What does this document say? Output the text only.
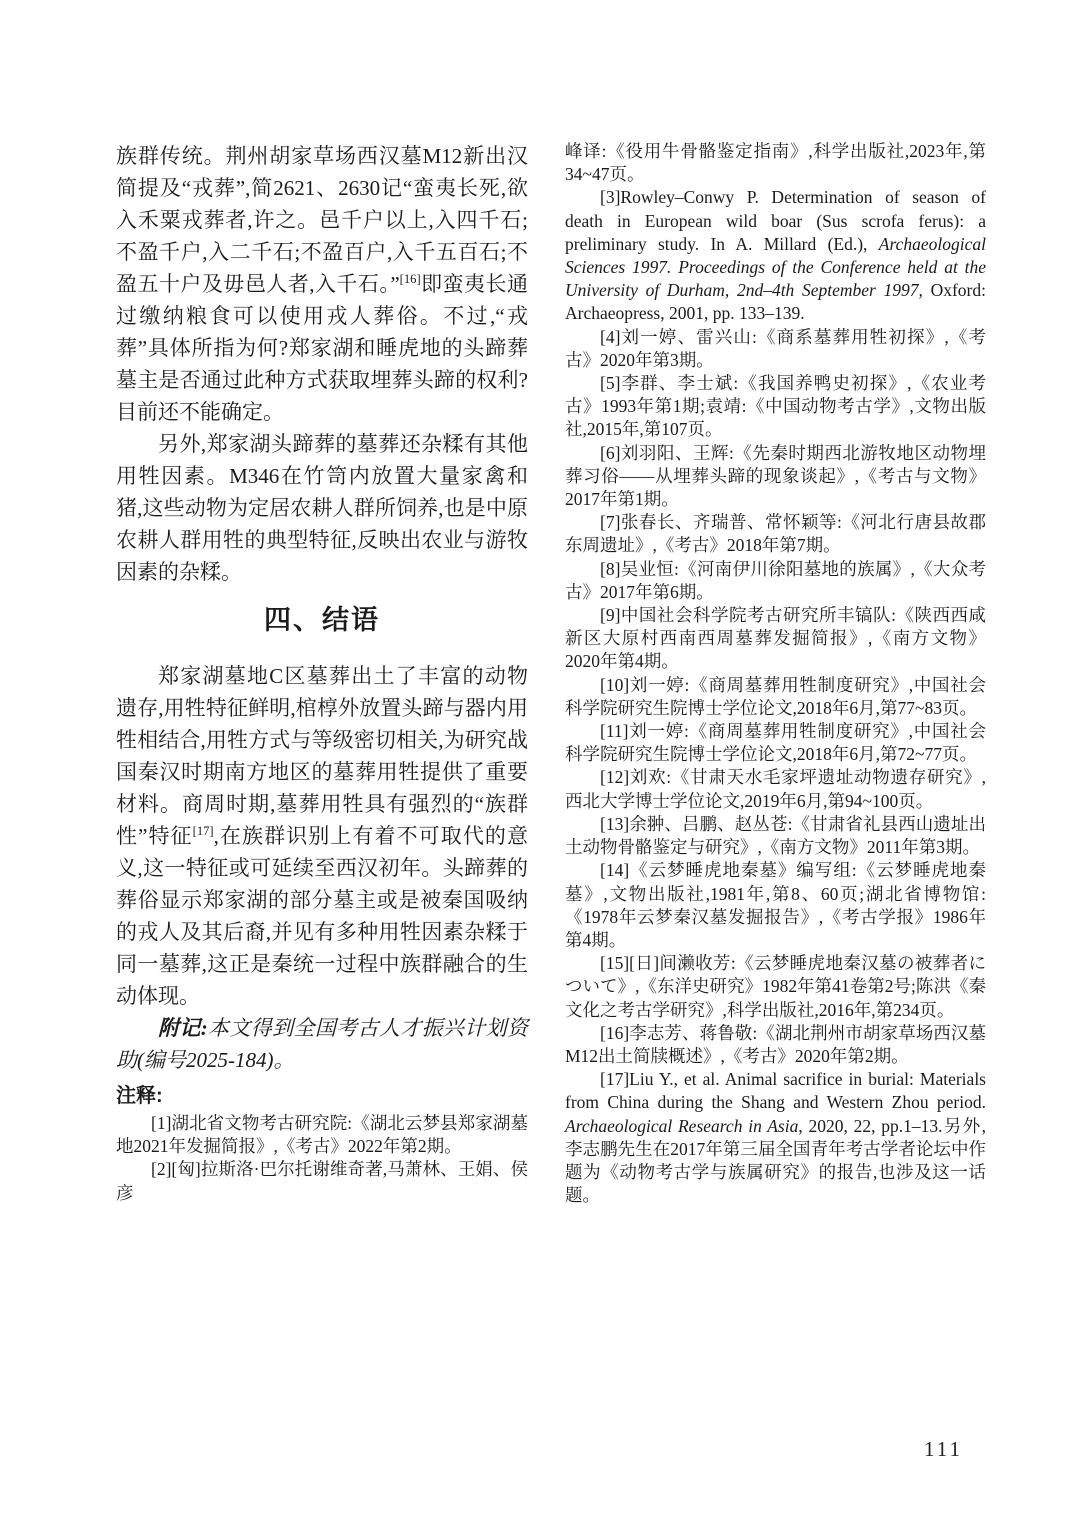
族群传统。荆州胡家草场西汉墓M12新出汉简提及“戎葬”,简2621、2630记“蛮夷长死,欲入禾粟戎葬者,许之。邑千户以上,入四千石;不盈千户,入二千石;不盈百户,入千五百石;不盈五十户及毋邑人者,入千石。”[16]即蛮夷长通过缴纳粮食可以使用戎人葬俗。不过,“戎葬”具体所指为何?郑家湖和睡虎地的头蹄葬墓主是否通过此种方式获取埋葬头蹄的权利?目前还不能确定。

另外,郑家湖头蹄葬的墓葬还杂糅有其他用牲因素。M346在竹笥内放置大量家禽和猪,这些动物为定居农耕人群所饲养,也是中原农耕人群用牲的典型特征,反映出农业与游牧因素的杂糅。

四、结语

郑家湖墓地C区墓葬出土了丰富的动物遗存,用牲特征鲜明,棺椁外放置头蹄与器内用牲相结合,用牲方式与等级密切相关,为研究战国秦汉时期南方地区的墓葬用牲提供了重要材料。商周时期,墓葬用牲具有强烈的“族群性”特征[17],在族群识别上有着不可取代的意义,这一特征或可延续至西汉初年。头蹄葬的葬俗显示郑家湖的部分墓主或是被秦国吸纳的戎人及其后裔,并见有多种用牲因素杂糅于同一墓葬,这正是秦统一过程中族群融合的生动体现。

附记:本文得到全国考古人才振兴计划资助(编号2025-184)。

注释:

[1]湖北省文物考古研究院:《湖北云梦县郑家湖墓地2021年发掘简报》,《考古》2022年第2期。

[2][匈]拉斯洛·巴尔托谢维奇著,马萧林、王娟、侯彦

峰译:《役用牛骨骼鉴定指南》,科学出版社,2023年,第34~47页。

[3]Rowley–Conwy P. Determination of season of death in European wild boar (Sus scrofa ferus): a preliminary study. In A. Millard (Ed.), Archaeological Sciences 1997. Proceedings of the Conference held at the University of Durham, 2nd–4th September 1997, Oxford: Archaeopress, 2001, pp. 133–139.

[4]刘一婷、雷兴山:《商系墓葬用牲初探》,《考古》2020年第3期。

[5]李群、李士斌:《我国养鸭史初探》,《农业考古》1993年第1期;袁靖:《中国动物考古学》,文物出版社,2015年,第107页。

[6]刘羽阳、王辉:《先秦时期西北游牧地区动物埋葬习俗——从埋葬头蹄的现象谈起》,《考古与文物》2017年第1期。

[7]张春长、齐瑞普、常怀颖等:《河北行唐县故郡东周遗址》,《考古》2018年第7期。

[8]吴业恒:《河南伊川徐阳墓地的族属》,《大众考古》2017年第6期。

[9]中国社会科学院考古研究所丰镐队:《陕西西咸新区大原村西南西周墓葬发掘简报》,《南方文物》2020年第4期。

[10]刘一婷:《商周墓葬用牲制度研究》,中国社会科学院研究生院博士学位论文,2018年6月,第77~83页。

[11]刘一婷:《商周墓葬用牲制度研究》,中国社会科学院研究生院博士学位论文,2018年6月,第72~77页。

[12]刘欢:《甘肃天水毛家坪遗址动物遗存研究》,西北大学博士学位论文,2019年6月,第94~100页。

[13]余翀、吕鹏、赵丛苍:《甘肃省礼县西山遗址出土动物骨骼鉴定与研究》,《南方文物》2011年第3期。

[14]《云梦睡虎地秦墓》编写组:《云梦睡虎地秦墓》,文物出版社,1981年,第8、60页;湖北省博物馆:《1978年云梦秦汉墓发掘报告》,《考古学报》1986年第4期。

[15][日]间濑收芳:《云梦睡虎地秦汉墓の被葬者について》,《东洋史研究》1982年第41卷第2号;陈洪《秦文化之考古学研究》,科学出版社,2016年,第234页。

[16]李志芳、蒋鲁敬:《湖北荆州市胡家草场西汉墓M12出土简牍概述》,《考古》2020年第2期。

[17]Liu Y., et al. Animal sacrifice in burial: Materials from China during the Shang and Western Zhou period. Archaeological Research in Asia, 2020, 22, pp.1–13.另外,李志鹏先生在2017年第三届全国青年考古学者论坛中作题为《动物考古学与族属研究》的报告,也涉及这一话题。

111
